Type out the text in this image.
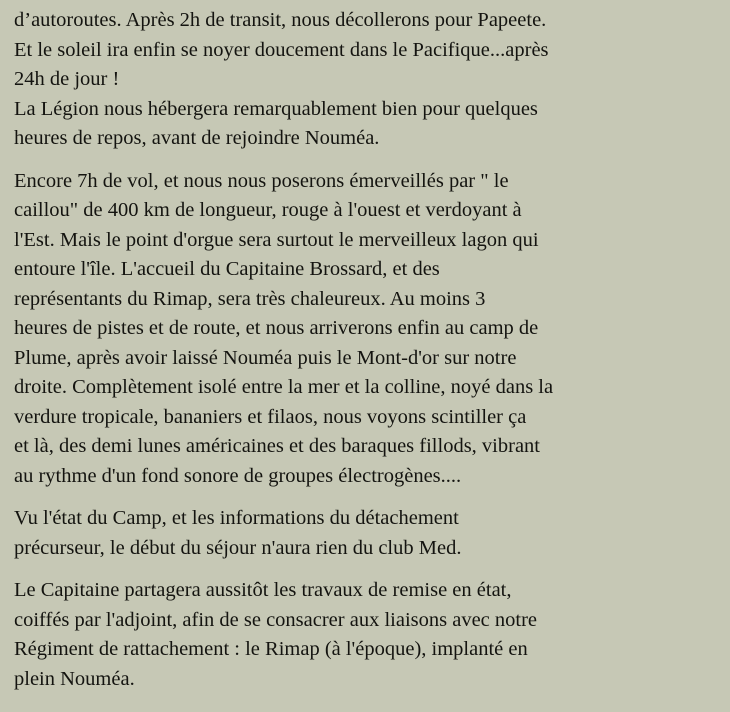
d’autoroutes. Après 2h de transit, nous décollerons pour Papeete.
Et le soleil ira enfin se noyer doucement dans le Pacifique...après
24h de jour !
La Légion nous hébergera remarquablement bien pour quelques
heures de repos, avant de rejoindre Nouméa.

Encore 7h de vol, et nous nous poserons émerveillés par " le
caillou" de 400 km de longueur, rouge à l'ouest et verdoyant à
l'Est. Mais le point d'orgue sera surtout le merveilleux lagon qui
entoure l'île. L'accueil du Capitaine Brossard, et des
représentants du Rimap, sera très chaleureux. Au moins 3
heures de pistes et de route, et nous arriverons enfin au camp de
Plume, après avoir laissé Nouméa puis le Mont-d'or sur notre
droite. Complètement isolé entre la mer et la colline, noyé dans la
verdure tropicale, bananiers et filaos, nous voyons scintiller ça
et là, des demi lunes américaines et des baraques fillods, vibrant
au rythme d'un fond sonore de groupes électrogènes....

Vu l'état du Camp, et les informations du détachement
précurseur, le début du séjour n'aura rien du club Med.

Le Capitaine partagera aussitôt les travaux de remise en état,
coiffés par l'adjoint, afin de se consacrer aux liaisons avec notre
Régiment de rattachement : le Rimap (à l'époque), implanté en
plein Nouméa.
